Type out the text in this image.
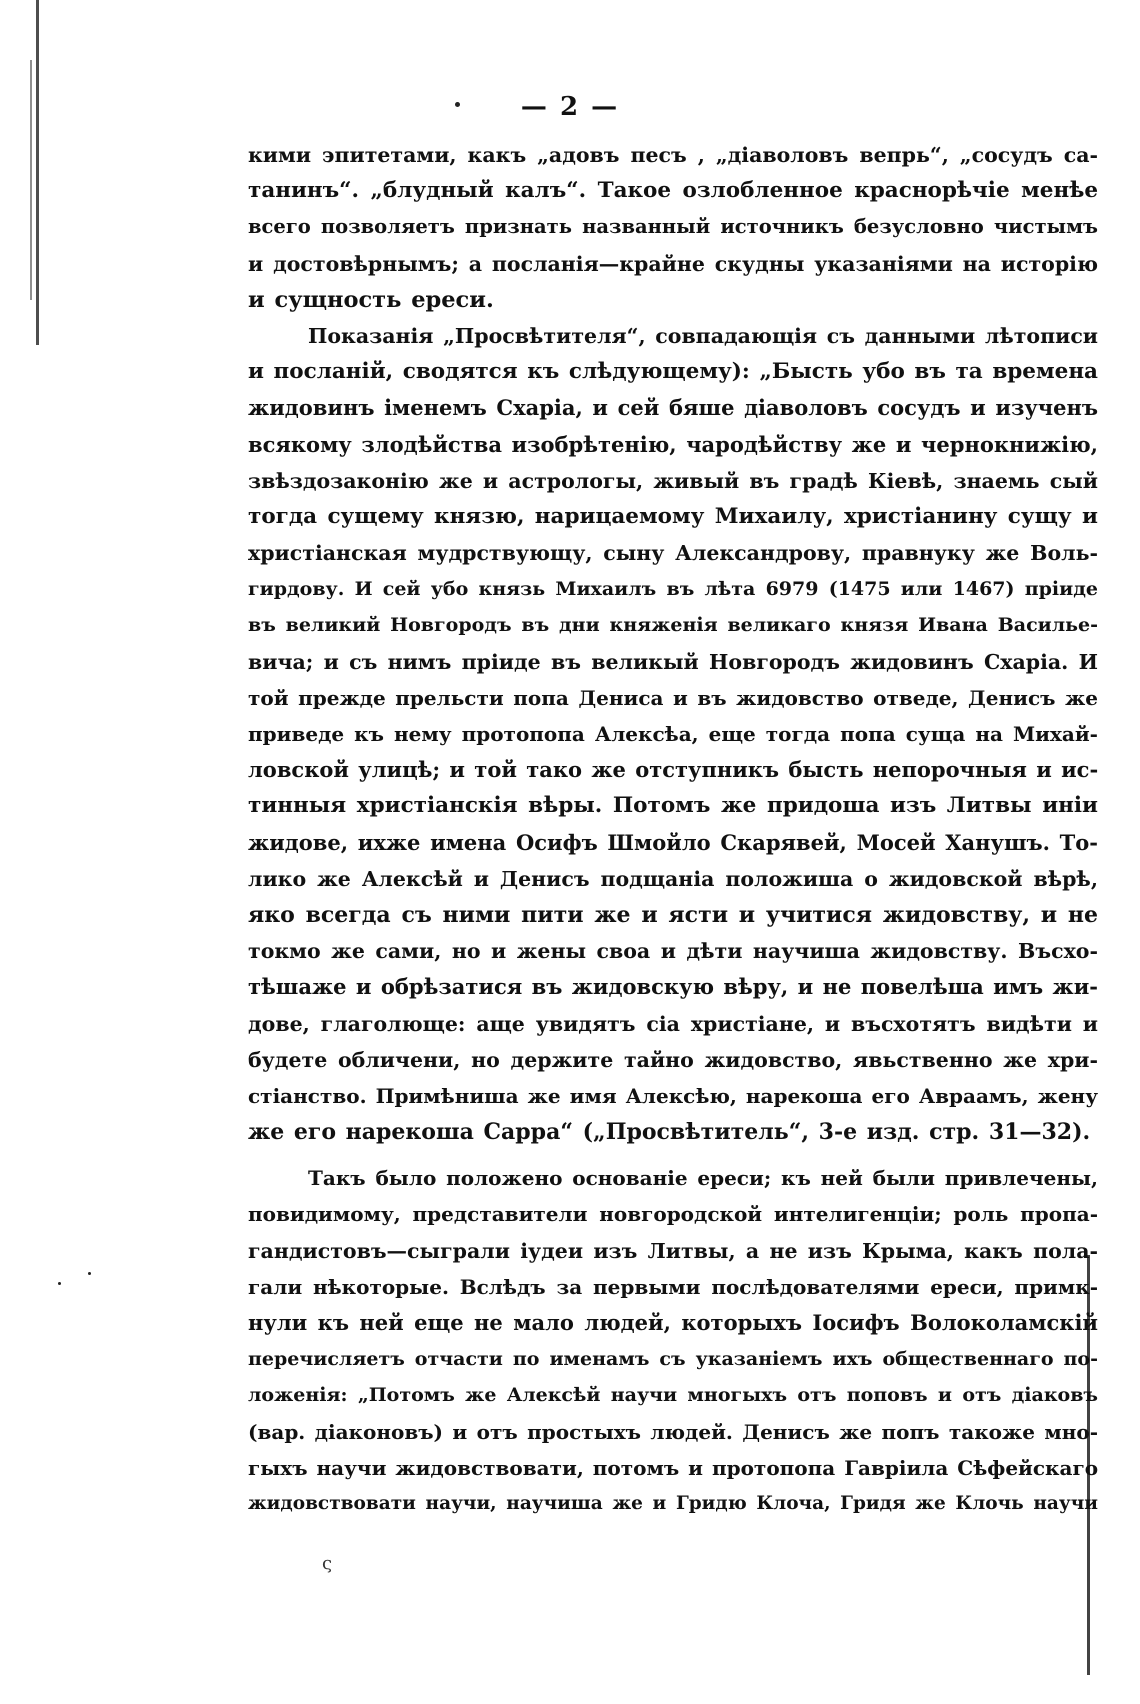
— 2 —
кими эпитетами, какъ „адовъ песъ , „діаволовъ вепрь“, „сосудъ са-
танинъ“. „блудный калъ“. Такое озлобленное краснорѣчіе менѣе
всего позволяетъ признать названный источникъ безусловно чистымъ
и достовѣрнымъ; а посланія—крайне скудны указаніями на исторію
и сущность ереси.
Показанія „Просвѣтителя“, совпадающія съ данными лѣтописи
и посланій, сводятся къ слѣдующему): „Бысть убо въ та времена
жидовинъ іменемъ Схаріа, и сей бяше діаволовъ сосудъ и изученъ
всякому злодѣйства изобрѣтенію, чародѣйству же и чернокнижію,
звѣздозаконію же и астрологы, живый въ градѣ Кіевѣ, знаемь сый
тогда сущему князю, нарицаемому Михаилу, христіанину сущу и
христіанская мудрствующу, сыну Александрову, правнуку же Воль-
гирдову. И сей убо князь Михаилъ въ лѣта 6979 (1475 или 1467) пріиде
въ великий Новгородъ въ дни княженія великаго князя Ивана Васильe-
вича; и съ нимъ пріиде въ великый Новгородъ жидовинъ Схаріа. И
той прежде прельсти попа Дениса и въ жидовство отведе, Денисъ же
приведе къ нему протопопа Алексѣа, еще тогда попа суща на Михай-
ловской улицѣ; и той тако же отступникъ бысть непорочныя и ис-
тинныя христіанскія вѣры. Потомъ же придоша изъ Литвы иніи
жидове, ихже имена Осифъ Шмойло Скарявей, Мосей Ханушъ. То-
лико же Алексѣй и Денисъ подщаніа положиша о жидовской вѣрѣ,
яко всегда съ ними пити же и ясти и учитися жидовству, и не
токмо же сами, но и жены своа и дѣти научиша жидовству. Въсхо-
тѣшаже и обрѣзатися въ жидовскую вѣру, и не повелѣша имъ жи-
дове, глаголюще: аще увидятъ сіа христiане, и въсхотятъ видѣти и
будете обличени, но держите тайно жидовство, явьственно же хри-
стіанство. Примѣниша же имя Алексѣю, нарекоша его Авраамъ, жену
же его нарекоша Сарра“ („Просвѣтитель“, 3-е изд. стр. 31—32).
Такъ было положено основаніе ереси; къ ней были привлечены,
повидимому, представители новгородской интелигенціи; роль пропа-
гандистовъ—сыграли іудеи изъ Литвы, а не изъ Крыма, какъ пола-
гали нѣкоторые. Вслѣдъ за первыми послѣдователями ереси, примк-
нули къ ней еще не мало людей, которыхъ Іосифъ Волоколамскій
перечисляетъ отчасти по именамъ съ указаніемъ ихъ общественнаго по-
ложенія: „Потомъ же Алексѣй научи многыхъ отъ поповъ и отъ діаковъ
(вар. діаконовъ) и отъ простыхъ людей. Денисъ же попъ такожe мно-
гыхъ научи жидовствовати, потомъ и протопопа Гавріила Сѣфейскаго
жидовствовати научи, научиша же и Гридю Клоча, Гридя же Клочь научи
ς
